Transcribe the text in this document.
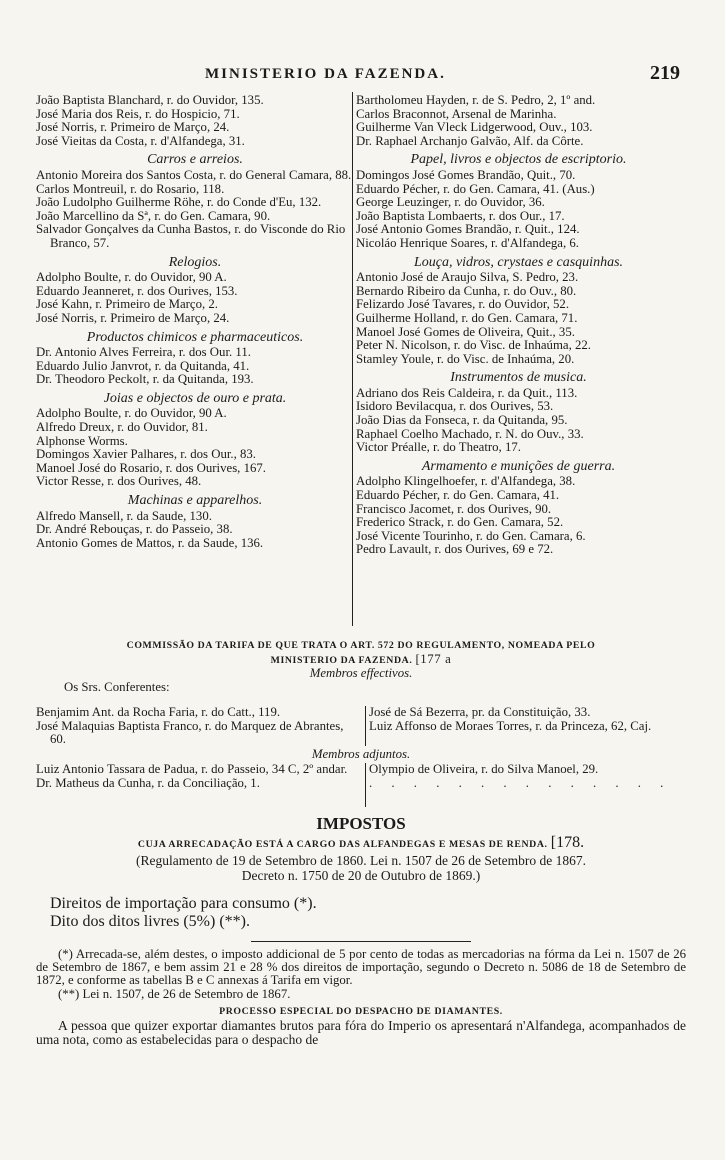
MINISTERIO DA FAZENDA.	219
João Baptista Blanchard, r. do Ouvidor, 135.
José Maria dos Reis, r. do Hospicio, 71.
José Norris, r. Primeiro de Março, 24.
José Vieitas da Costa, r. d'Alfandega, 31.
Carros e arreios.
Antonio Moreira dos Santos Costa, r. do General Camara, 88.
Carlos Montreuil, r. do Rosario, 118.
João Ludolpho Guilherme Röhe, r. do Conde d'Eu, 132.
João Marcellino da Sª, r. do Gen. Camara, 90.
Salvador Gonçalves da Cunha Bastos, r. do Visconde do Rio Branco, 57.
Relogios.
Adolpho Boulte, r. do Ouvidor, 90 A.
Eduardo Jeanneret, r. dos Ourives, 153.
José Kahn, r. Primeiro de Março, 2.
José Norris, r. Primeiro de Março, 24.
Productos chimicos e pharmaceuticos.
Dr. Antonio Alves Ferreira, r. dos Our. 11.
Eduardo Julio Janvrot, r. da Quitanda, 41.
Dr. Theodoro Peckolt, r. da Quitanda, 193.
Joias e objectos de ouro e prata.
Adolpho Boulte, r. do Ouvidor, 90 A.
Alfredo Dreux, r. do Ouvidor, 81.
Alphonse Worms.
Domingos Xavier Palhares, r. dos Our., 83.
Manoel José do Rosario, r. dos Ourives, 167.
Victor Resse, r. dos Ourives, 48.
Machinas e apparelhos.
Alfredo Mansell, r. da Saude, 130.
Dr. André Rebouças, r. do Passeio, 38.
Antonio Gomes de Mattos, r. da Saude, 136.
Bartholomeu Hayden, r. de S. Pedro, 2, 1º and.
Carlos Braconnot, Arsenal de Marinha.
Guilherme Van Vleck Lidgerwood, Ouv., 103.
Dr. Raphael Archanjo Galvão, Alf. da Côrte.
Papel, livros e objectos de escriptorio.
Domingos José Gomes Brandão, Quit., 70.
Eduardo Pécher, r. do Gen. Camara, 41. (Aus.)
George Leuzinger, r. do Ouvidor, 36.
João Baptista Lombaerts, r. dos Our., 17.
José Antonio Gomes Brandão, r. Quit., 124.
Nicoláo Henrique Soares, r. d'Alfandega, 6.
Louça, vidros, crystaes e casquinhas.
Antonio José de Araujo Silva, S. Pedro, 23.
Bernardo Ribeiro da Cunha, r. do Ouv., 80.
Felizardo José Tavares, r. do Ouvidor, 52.
Guilherme Holland, r. do Gen. Camara, 71.
Manoel José Gomes de Oliveira, Quit., 35.
Peter N. Nicolson, r. do Visc. de Inhaúma, 22.
Stamley Youle, r. do Visc. de Inhaúma, 20.
Instrumentos de musica.
Adriano dos Reis Caldeira, r. da Quit., 113.
Isidoro Bevilacqua, r. dos Ourives, 53.
João Dias da Fonseca, r. da Quitanda, 95.
Raphael Coelho Machado, r. N. do Ouv., 33.
Victor Préalle, r. do Theatro, 17.
Armamento e munições de guerra.
Adolpho Klingelhoefer, r. d'Alfandega, 38.
Eduardo Pécher, r. do Gen. Camara, 41.
Francisco Jacomet, r. dos Ourives, 90.
Frederico Strack, r. do Gen. Camara, 52.
José Vicente Tourinho, r. do Gen. Camara, 6.
Pedro Lavault, r. dos Ourives, 69 e 72.
COMMISSÃO DA TARIFA DE QUE TRATA O ART. 572 DO REGULAMENTO, NOMEADA PELO
MINISTERIO DA FAZENDA. [177 a
Membros effectivos.
Os Srs. Conferentes:
Benjamim Ant. da Rocha Faria, r. do Catt., 119.
José Malaquias Baptista Franco, r. do Marquez de Abrantes, 60.
José de Sá Bezerra, pr. da Constituição, 33.
Luiz Affonso de Moraes Torres, r. da Princeza, 62, Caj.
Membros adjuntos.
Luiz Antonio Tassara de Padua, r. do Passeio, 34 C, 2º andar.
Dr. Matheus da Cunha, r. da Conciliação, 1.
Olympio de Oliveira, r. do Silva Manoel, 29.
. . . . . . . . . . . . . .
IMPOSTOS
CUJA ARRECADAÇÃO ESTÁ A CARGO DAS ALFANDEGAS E MESAS DE RENDA. [178.
(Regulamento de 19 de Setembro de 1860. Lei n. 1507 de 26 de Setembro de 1867.
Decreto n. 1750 de 20 de Outubro de 1869.)
Direitos de importação para consumo (*).
Dito dos ditos livres (5%) (**).
(*) Arrecada-se, além destes, o imposto addicional de 5 por cento de todas as mercadorias na fórma da Lei n. 1507 de 26 de Setembro de 1867, e bem assim 21 e 28 % dos direitos de importação, segundo o Decreto n. 5086 de 18 de Setembro de 1872, e conforme as tabellas B e C annexas á Tarifa em vigor.
(**) Lei n. 1507, de 26 de Setembro de 1867.
PROCESSO ESPECIAL DO DESPACHO DE DIAMANTES.
A pessoa que quizer exportar diamantes brutos para fóra do Imperio os apresentará n'Alfandega, acompanhados de uma nota, como as estabelecidas para o despacho de
